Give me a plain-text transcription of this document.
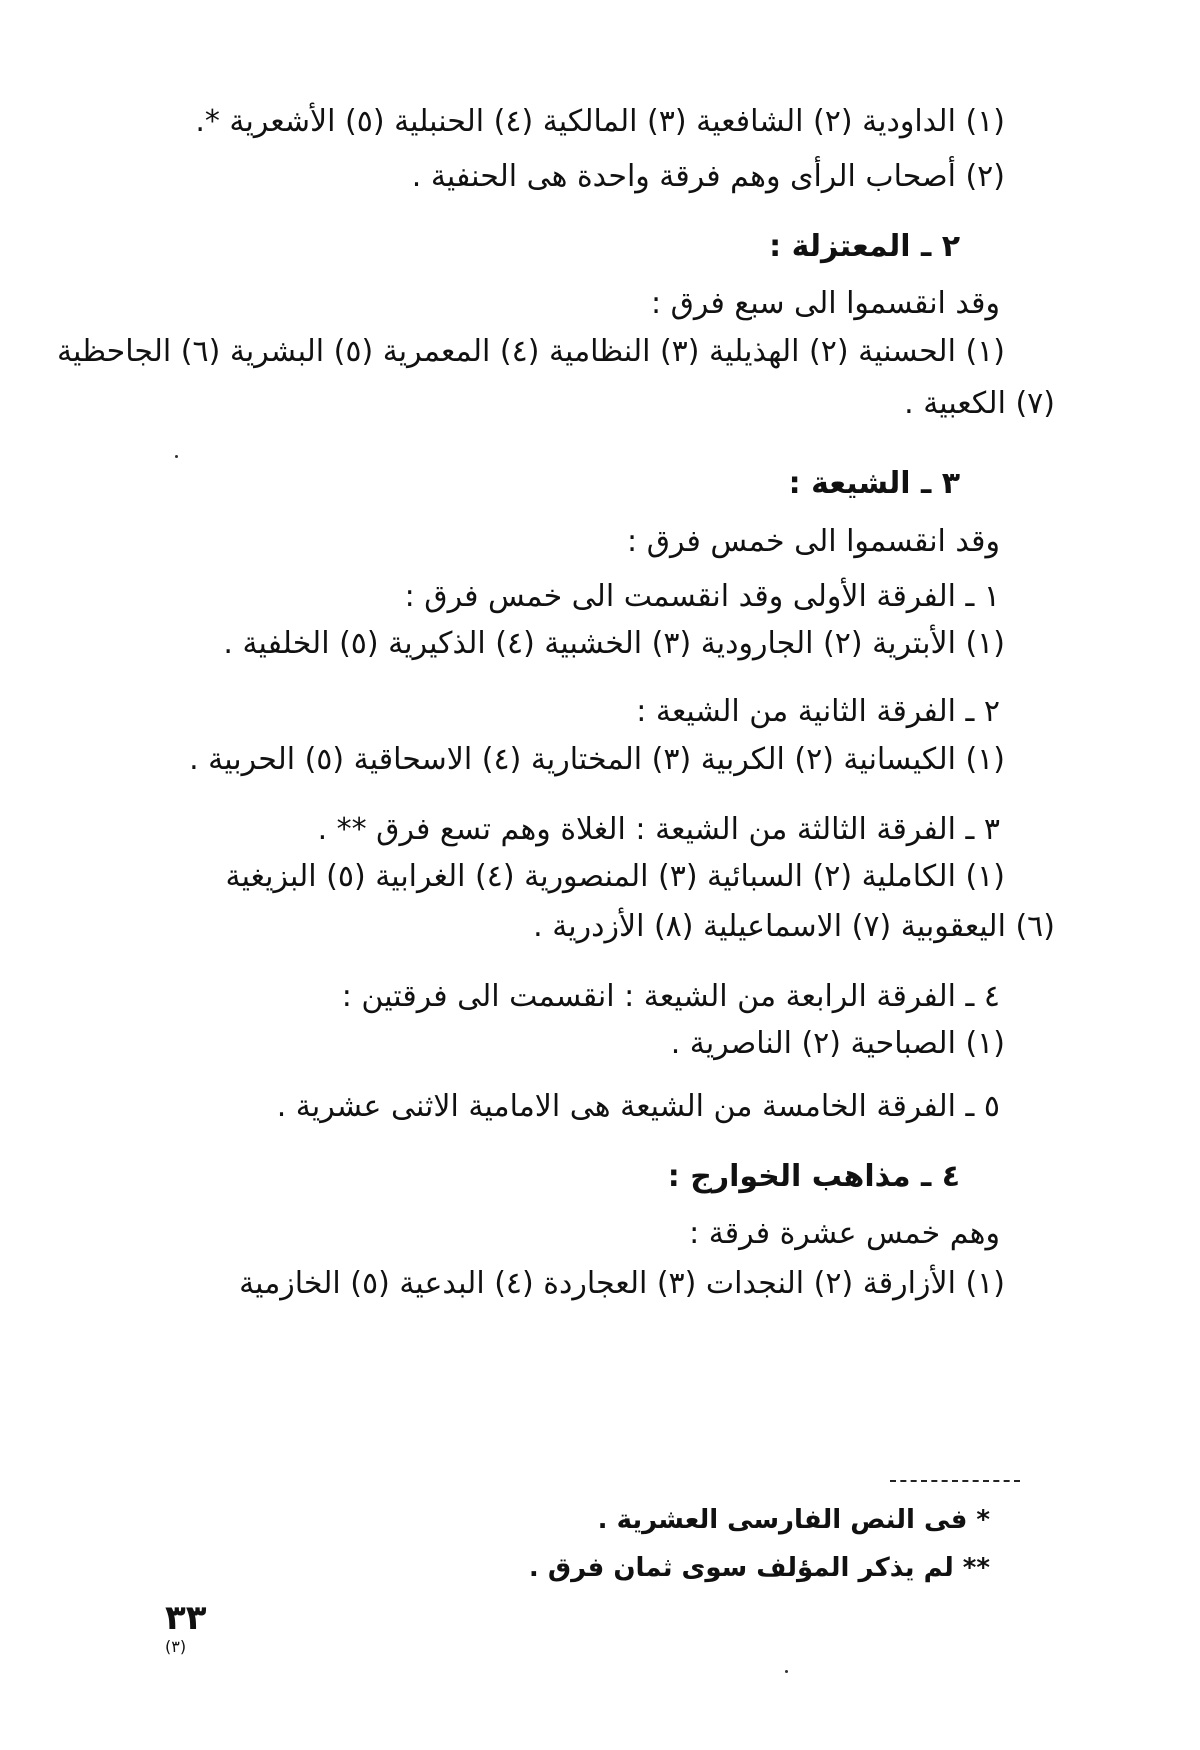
(١) الداودية (٢) الشافعية (٣) المالكية (٤) الحنبلية (٥) الأشعرية *.
(٢) أصحاب الرأى وهم فرقة واحدة هى الحنفية .
٢ ـ المعتزلة :
وقد انقسموا الى سبع فرق :
(١) الحسنية (٢) الهذيلية (٣) النظامية (٤) المعمرية (٥) البشرية (٦) الجاحظية
(٧) الكعبية .
٣ ـ الشيعة :
وقد انقسموا الى خمس فرق :
١ ـ الفرقة الأولى وقد انقسمت الى خمس فرق :
(١) الأبترية (٢) الجارودية (٣) الخشبية (٤) الذكيرية (٥) الخلفية .
٢ ـ الفرقة الثانية من الشيعة :
(١) الكيسانية (٢) الكربية (٣) المختارية (٤) الاسحاقية (٥) الحربية .
٣ ـ الفرقة الثالثة من الشيعة : الغلاة وهم تسع فرق ** .
(١) الكاملية (٢) السبائية (٣) المنصورية (٤) الغرابية (٥) البزيغية
(٦) اليعقوبية (٧) الاسماعيلية (٨) الأزدرية .
٤ ـ الفرقة الرابعة من الشيعة : انقسمت الى فرقتين :
(١) الصباحية (٢) الناصرية .
٥ ـ الفرقة الخامسة من الشيعة هى الامامية الاثنى عشرية .
٤ ـ مذاهب الخوارج :
وهم خمس عشرة فرقة :
(١) الأزارقة (٢) النجدات (٣) العجاردة (٤) البدعية (٥) الخازمية
* فى النص الفارسى العشرية .
** لم يذكر المؤلف سوى ثمان فرق .
٣٣
(٣)
